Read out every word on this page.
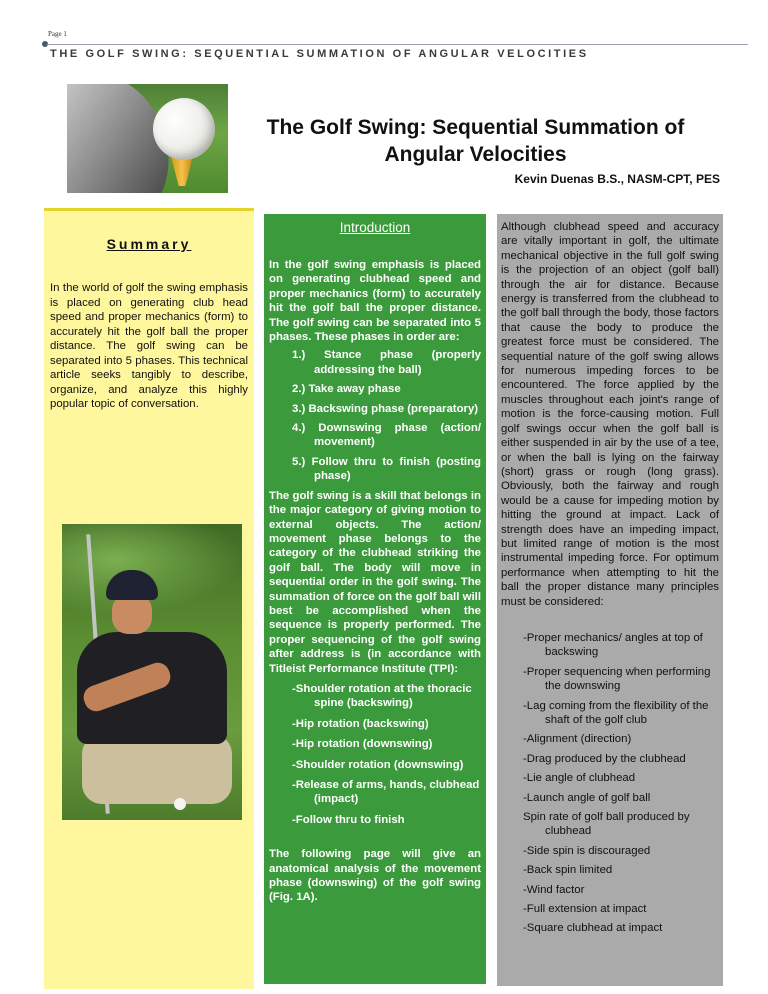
Page 1
THE GOLF SWING: SEQUENTIAL SUMMATION OF ANGULAR VELOCITIES
The Golf Swing: Sequential Summation of Angular Velocities
Kevin Duenas B.S., NASM-CPT, PES
Summary
In the world of golf the swing emphasis is placed on generating club head speed and proper mechanics (form) to accurately hit the golf ball the proper distance. The golf swing can be separated into 5 phases. This technical article seeks tangibly to describe, organize, and analyze this highly popular topic of conversation.
Introduction

In the golf swing emphasis is placed on generating clubhead speed and proper mechanics (form) to accurately hit the golf ball the proper distance. The golf swing can be separated into 5 phases. These phases in order are:

1.) Stance phase (properly addressing the ball)
2.) Take away phase
3.) Backswing phase (preparatory)
4.) Downswing phase (action/ movement)
5.) Follow thru to finish (posting phase)

The golf swing is a skill that belongs in the major category of giving motion to external objects. The action/ movement phase belongs to the category of the clubhead striking the golf ball. The body will move in sequential order in the golf swing. The summation of force on the golf ball will best be accomplished when the sequence is properly performed. The proper sequencing of the golf swing after address is (in accordance with Titleist Performance Institute (TPI):

-Shoulder rotation at the thoracic spine (backswing)
-Hip rotation (backswing)
-Hip rotation (downswing)
-Shoulder rotation (downswing)
-Release of arms, hands, clubhead (impact)
-Follow thru to finish

The following page will give an anatomical analysis of the movement phase (downswing) of the golf swing (Fig. 1A).

Although clubhead speed and accuracy are vitally important in golf, the ultimate mechanical objective in the full golf swing is the projection of an object (golf ball) through the air for distance. Because energy is transferred from the clubhead to the golf ball through the body, those factors that cause the body to produce the greatest force must be considered. The sequential nature of the golf swing allows for numerous impeding forces to be encountered. The force applied by the muscles throughout each joint's range of motion is the force-causing motion. Full golf swings occur when the golf ball is either suspended in air by the use of a tee, or when the ball is lying on the fairway (short) grass or rough (long grass). Obviously, both the fairway and rough would be a cause for impeding motion by hitting the ground at impact. Lack of strength does have an impeding impact, but limited range of motion is the most instrumental impeding force. For optimum performance when attempting to hit the ball the proper distance many principles must be considered:
-Proper mechanics/ angles at top of backswing
-Proper sequencing when performing the downswing
-Lag coming from the flexibility of the shaft of the golf club
-Alignment (direction)
-Drag produced by the clubhead
-Lie angle of clubhead
-Launch angle of golf ball
Spin rate of golf ball produced by clubhead
-Side spin is discouraged
-Back spin limited
-Wind factor
-Full extension at impact
-Square clubhead at impact
